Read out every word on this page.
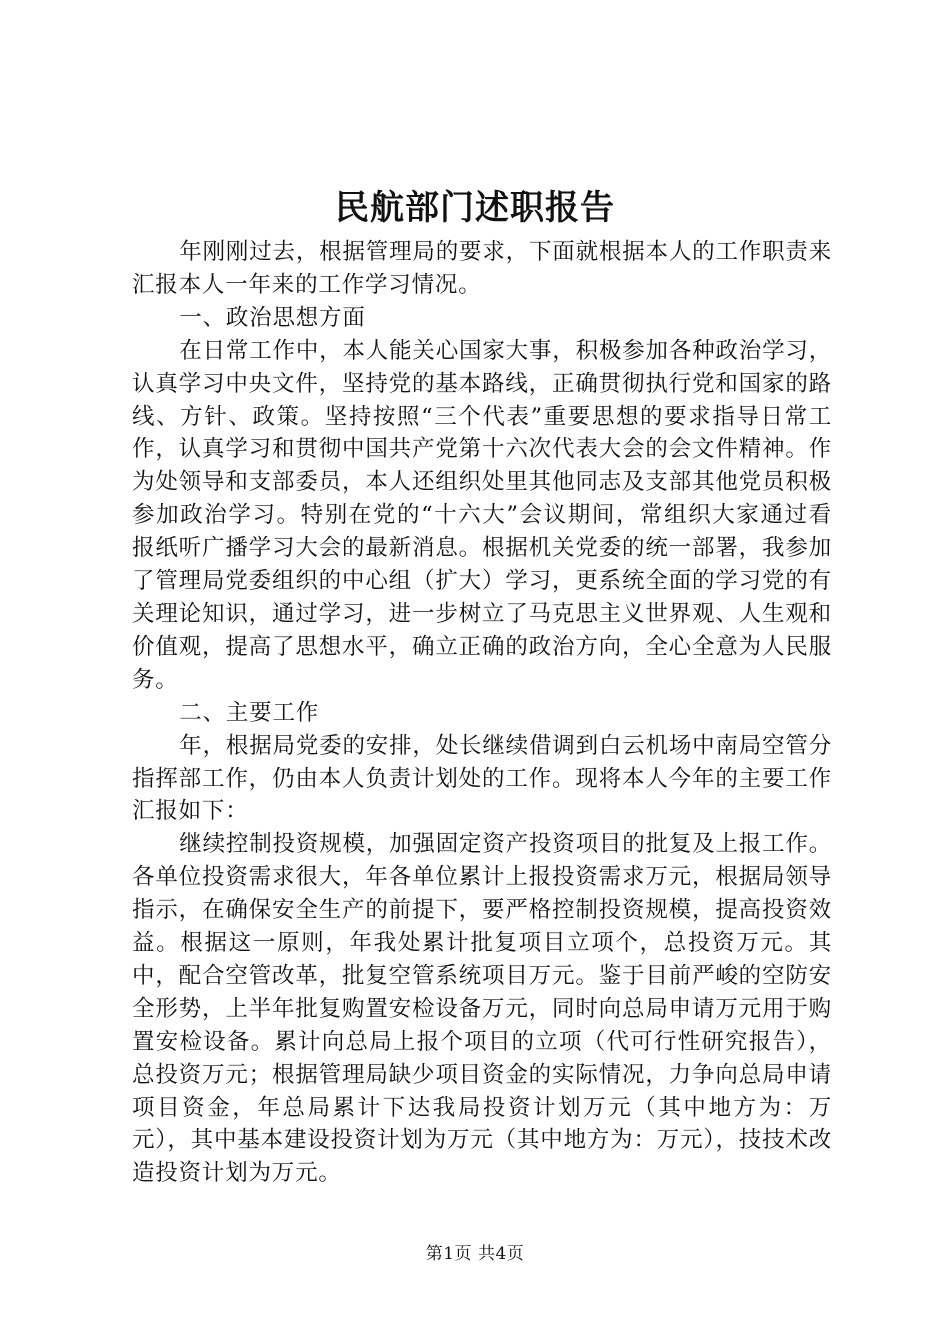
民航部门述职报告

年刚刚过去，根据管理局的要求，下面就根据本人的工作职责来汇报本人一年来的工作学习情况。

一、政治思想方面

在日常工作中，本人能关心国家大事，积极参加各种政治学习，认真学习中央文件，坚持党的基本路线，正确贯彻执行党和国家的路线、方针、政策。坚持按照“三个代表”重要思想的要求指导日常工作，认真学习和贯彻中国共产党第十六次代表大会的会文件精神。作为处领导和支部委员，本人还组织处里其他同志及支部其他党员积极参加政治学习。特别在党的“十六大”会议期间，常组织大家通过看报纸听广播学习大会的最新消息。根据机关党委的统一部署，我参加了管理局党委组织的中心组（扩大）学习，更系统全面的学习党的有关理论知识，通过学习，进一步树立了马克思主义世界观、人生观和价值观，提高了思想水平，确立正确的政治方向，全心全意为人民服务。

二、主要工作

年，根据局党委的安排，处长继续借调到白云机场中南局空管分指挥部工作，仍由本人负责计划处的工作。现将本人今年的主要工作汇报如下：

继续控制投资规模，加强固定资产投资项目的批复及上报工作。各单位投资需求很大，年各单位累计上报投资需求万元，根据局领导指示，在确保安全生产的前提下，要严格控制投资规模，提高投资效益。根据这一原则，年我处累计批复项目立项个，总投资万元。其中，配合空管改革，批复空管系统项目万元。鉴于目前严峻的空防安全形势，上半年批复购置安检设备万元，同时向总局申请万元用于购置安检设备。累计向总局上报个项目的立项（代可行性研究报告），总投资万元；根据管理局缺少项目资金的实际情况，力争向总局申请项目资金，年总局累计下达我局投资计划万元（其中地方为：万元），其中基本建设投资计划为万元（其中地方为：万元），技技术改造投资计划为万元。

第1页 共4页
